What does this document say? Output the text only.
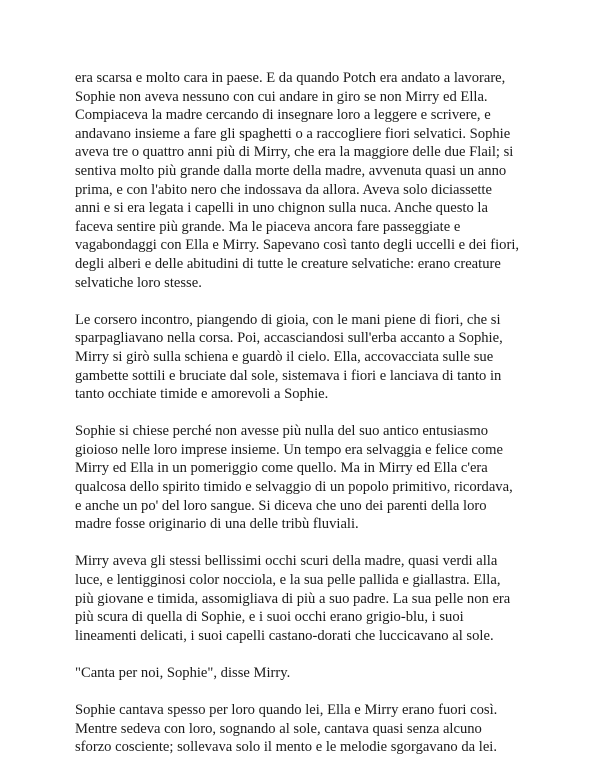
era scarsa e molto cara in paese. E da quando Potch era andato a lavorare,
Sophie non aveva nessuno con cui andare in giro se non Mirry ed Ella.
Compiaceva la madre cercando di insegnare loro a leggere e scrivere, e
andavano insieme a fare gli spaghetti o a raccogliere fiori selvatici. Sophie
aveva tre o quattro anni più di Mirry, che era la maggiore delle due Flail; si
sentiva molto più grande dalla morte della madre, avvenuta quasi un anno
prima, e con l'abito nero che indossava da allora. Aveva solo diciassette
anni e si era legata i capelli in uno chignon sulla nuca. Anche questo la
faceva sentire più grande. Ma le piaceva ancora fare passeggiate e
vagabondaggi con Ella e Mirry. Sapevano così tanto degli uccelli e dei fiori,
degli alberi e delle abitudini di tutte le creature selvatiche: erano creature
selvatiche loro stesse.

Le corsero incontro, piangendo di gioia, con le mani piene di fiori, che si
sparpagliavano nella corsa. Poi, accasciandosi sull'erba accanto a Sophie,
Mirry si girò sulla schiena e guardò il cielo. Ella, accovacciata sulle sue
gambette sottili e bruciate dal sole, sistemava i fiori e lanciava di tanto in
tanto occhiate timide e amorevoli a Sophie.

Sophie si chiese perché non avesse più nulla del suo antico entusiasmo
gioioso nelle loro imprese insieme. Un tempo era selvaggia e felice come
Mirry ed Ella in un pomeriggio come quello. Ma in Mirry ed Ella c'era
qualcosa dello spirito timido e selvaggio di un popolo primitivo, ricordava,
e anche un po' del loro sangue. Si diceva che uno dei parenti della loro
madre fosse originario di una delle tribù fluviali.

Mirry aveva gli stessi bellissimi occhi scuri della madre, quasi verdi alla
luce, e lentigginosi color nocciola, e la sua pelle pallida e giallastra. Ella,
più giovane e timida, assomigliava di più a suo padre. La sua pelle non era
più scura di quella di Sophie, e i suoi occhi erano grigio-blu, i suoi
lineamenti delicati, i suoi capelli castano-dorati che luccicavano al sole.

"Canta per noi, Sophie", disse Mirry.

Sophie cantava spesso per loro quando lei, Ella e Mirry erano fuori così.
Mentre sedeva con loro, sognando al sole, cantava quasi senza alcuno
sforzo cosciente; sollevava solo il mento e le melodie sgorgavano da lei.
